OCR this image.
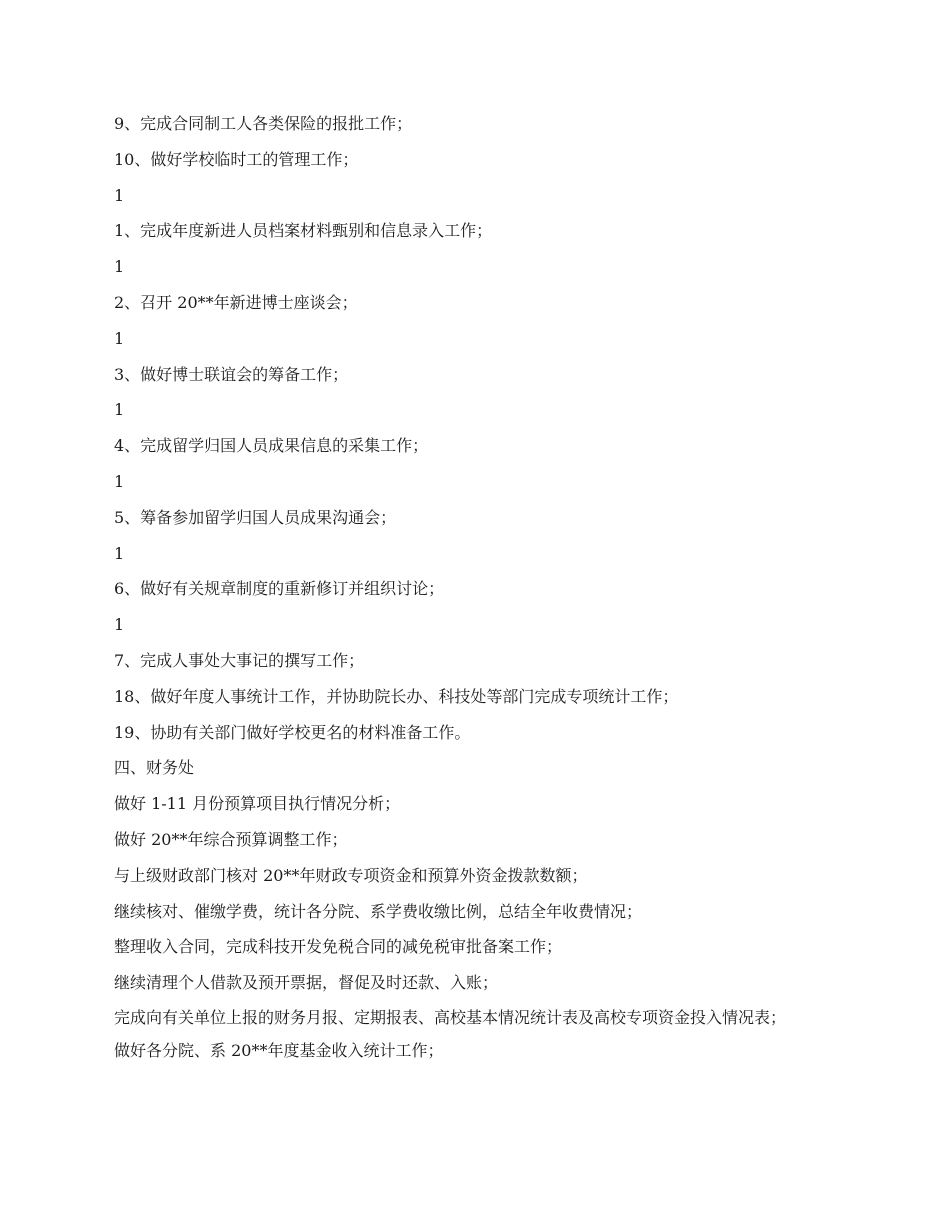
9、完成合同制工人各类保险的报批工作；

10、做好学校临时工的管理工作；

1

1、完成年度新进人员档案材料甄别和信息录入工作；

1

2、召开 20**年新进博士座谈会；

1

3、做好博士联谊会的筹备工作；

1

4、完成留学归国人员成果信息的采集工作；

1

5、筹备参加留学归国人员成果沟通会；

1

6、做好有关规章制度的重新修订并组织讨论；

1

7、完成人事处大事记的撰写工作；

18、做好年度人事统计工作，并协助院长办、科技处等部门完成专项统计工作；

19、协助有关部门做好学校更名的材料准备工作。

四、财务处

做好 1-11 月份预算项目执行情况分析；

做好 20**年综合预算调整工作；

与上级财政部门核对 20**年财政专项资金和预算外资金拨款数额；

继续核对、催缴学费，统计各分院、系学费收缴比例，总结全年收费情况；

整理收入合同，完成科技开发免税合同的减免税审批备案工作；

继续清理个人借款及预开票据，督促及时还款、入账；

完成向有关单位上报的财务月报、定期报表、高校基本情况统计表及高校专项资金投入情况表；

做好各分院、系 20**年度基金收入统计工作；
